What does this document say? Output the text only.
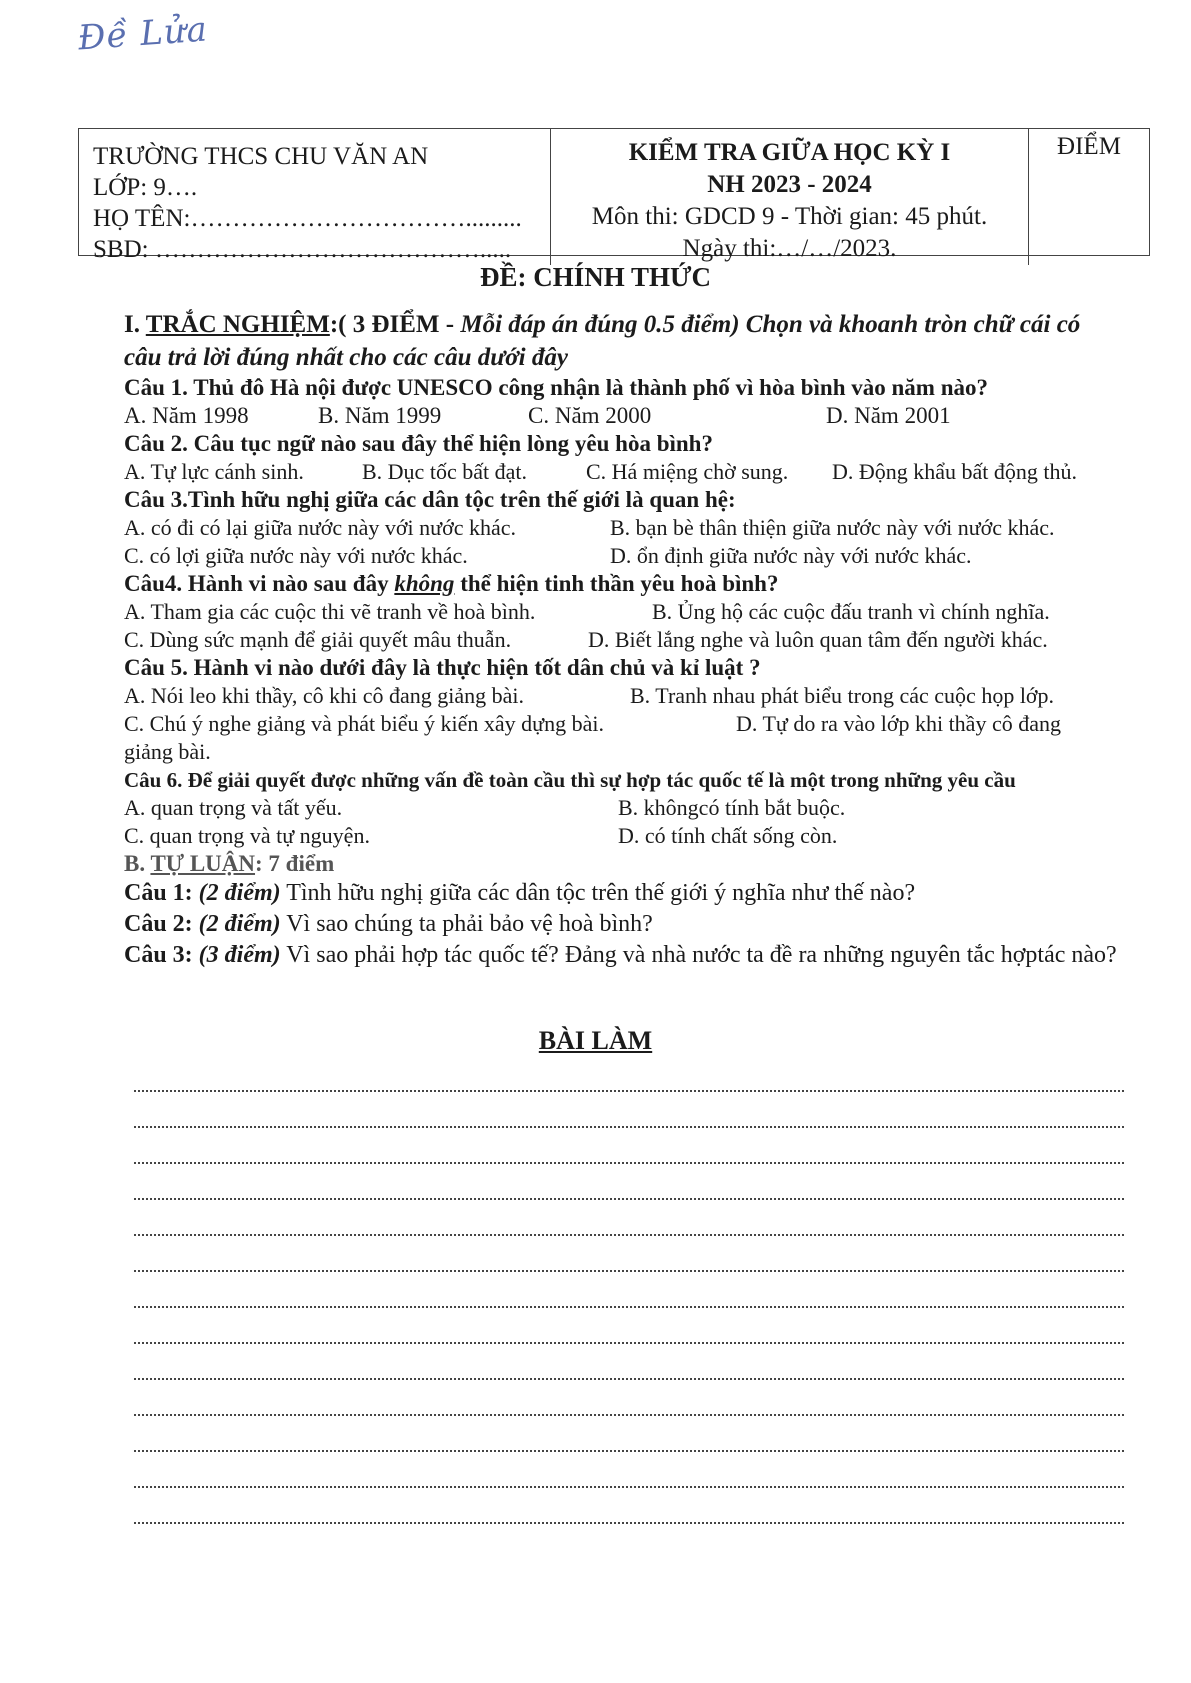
Đề Lửa
TRƯỜNG THCS CHU VĂN AN
LỚP: 9….
HỌ TÊN:…………………………….........
SBD: ………………………………….....
KIỂM TRA GIỮA HỌC KỲ I
NH 2023 - 2024
Môn thi: GDCD 9 - Thời gian: 45 phút.
Ngày thi:…/…/2023.
ĐIỂM
ĐỀ: CHÍNH THỨC

I. TRẮC NGHIỆM:( 3 ĐIỂM - Mỗi đáp án đúng 0.5 điểm) Chọn và khoanh tròn chữ cái có câu trả lời đúng nhất cho các câu dưới đây

Câu 1. Thủ đô Hà nội được UNESCO công nhận là thành phố vì hòa bình vào năm nào?

A. Năm 1998	B. Năm 1999	C. Năm 2000	D. Năm 2001

Câu 2. Câu tục ngữ nào sau đây thể hiện lòng yêu hòa bình?

A. Tự lực cánh sinh.	B. Dục tốc bất đạt.	C. Há miệng chờ sung.	D. Động khẩu bất động thủ.

Câu 3.Tình hữu nghị giữa các dân tộc trên thế giới là quan hệ:

A. có đi có lại giữa nước này với nước khác.	B. bạn bè thân thiện giữa nước này với nước khác.
C. có lợi giữa nước này với nước khác.	D. ổn định giữa nước này với nước khác.

Câu4. Hành vi nào sau đây không thể hiện tinh thần yêu hoà bình?

A. Tham gia các cuộc thi vẽ tranh về hoà bình.	B. Ủng hộ các cuộc đấu tranh vì chính nghĩa.
C. Dùng sức mạnh để giải quyết mâu thuẫn.	D. Biết lắng nghe và luôn quan tâm đến người khác.

Câu 5. Hành vi nào dưới đây là thực hiện tốt dân chủ và kỉ luật ?

A. Nói leo khi thầy, cô khi cô đang giảng bài.	B. Tranh nhau phát biểu trong các cuộc họp lớp.
C. Chú ý nghe giảng và phát biểu ý kiến xây dựng bài.	D. Tự do ra vào lớp khi thầy cô đang

giảng bài.

Câu 6. Để giải quyết được những vấn đề toàn cầu thì sự hợp tác quốc tế là một trong những yêu cầu

A. quan trọng và tất yếu.	B. khôngcó tính bắt buộc.
C. quan trọng và tự nguyện.	D. có tính chất sống còn.

B. TỰ LUẬN: 7 điểm

Câu 1: (2 điểm) Tình hữu nghị giữa các dân tộc trên thế giới ý nghĩa như thế nào?

Câu 2: (2 điểm) Vì sao chúng ta phải bảo vệ hoà bình?

Câu 3: (3 điểm) Vì sao phải hợp tác quốc tế? Đảng và nhà nước ta đề ra những nguyên tắc hợptác nào?

BÀI LÀM
